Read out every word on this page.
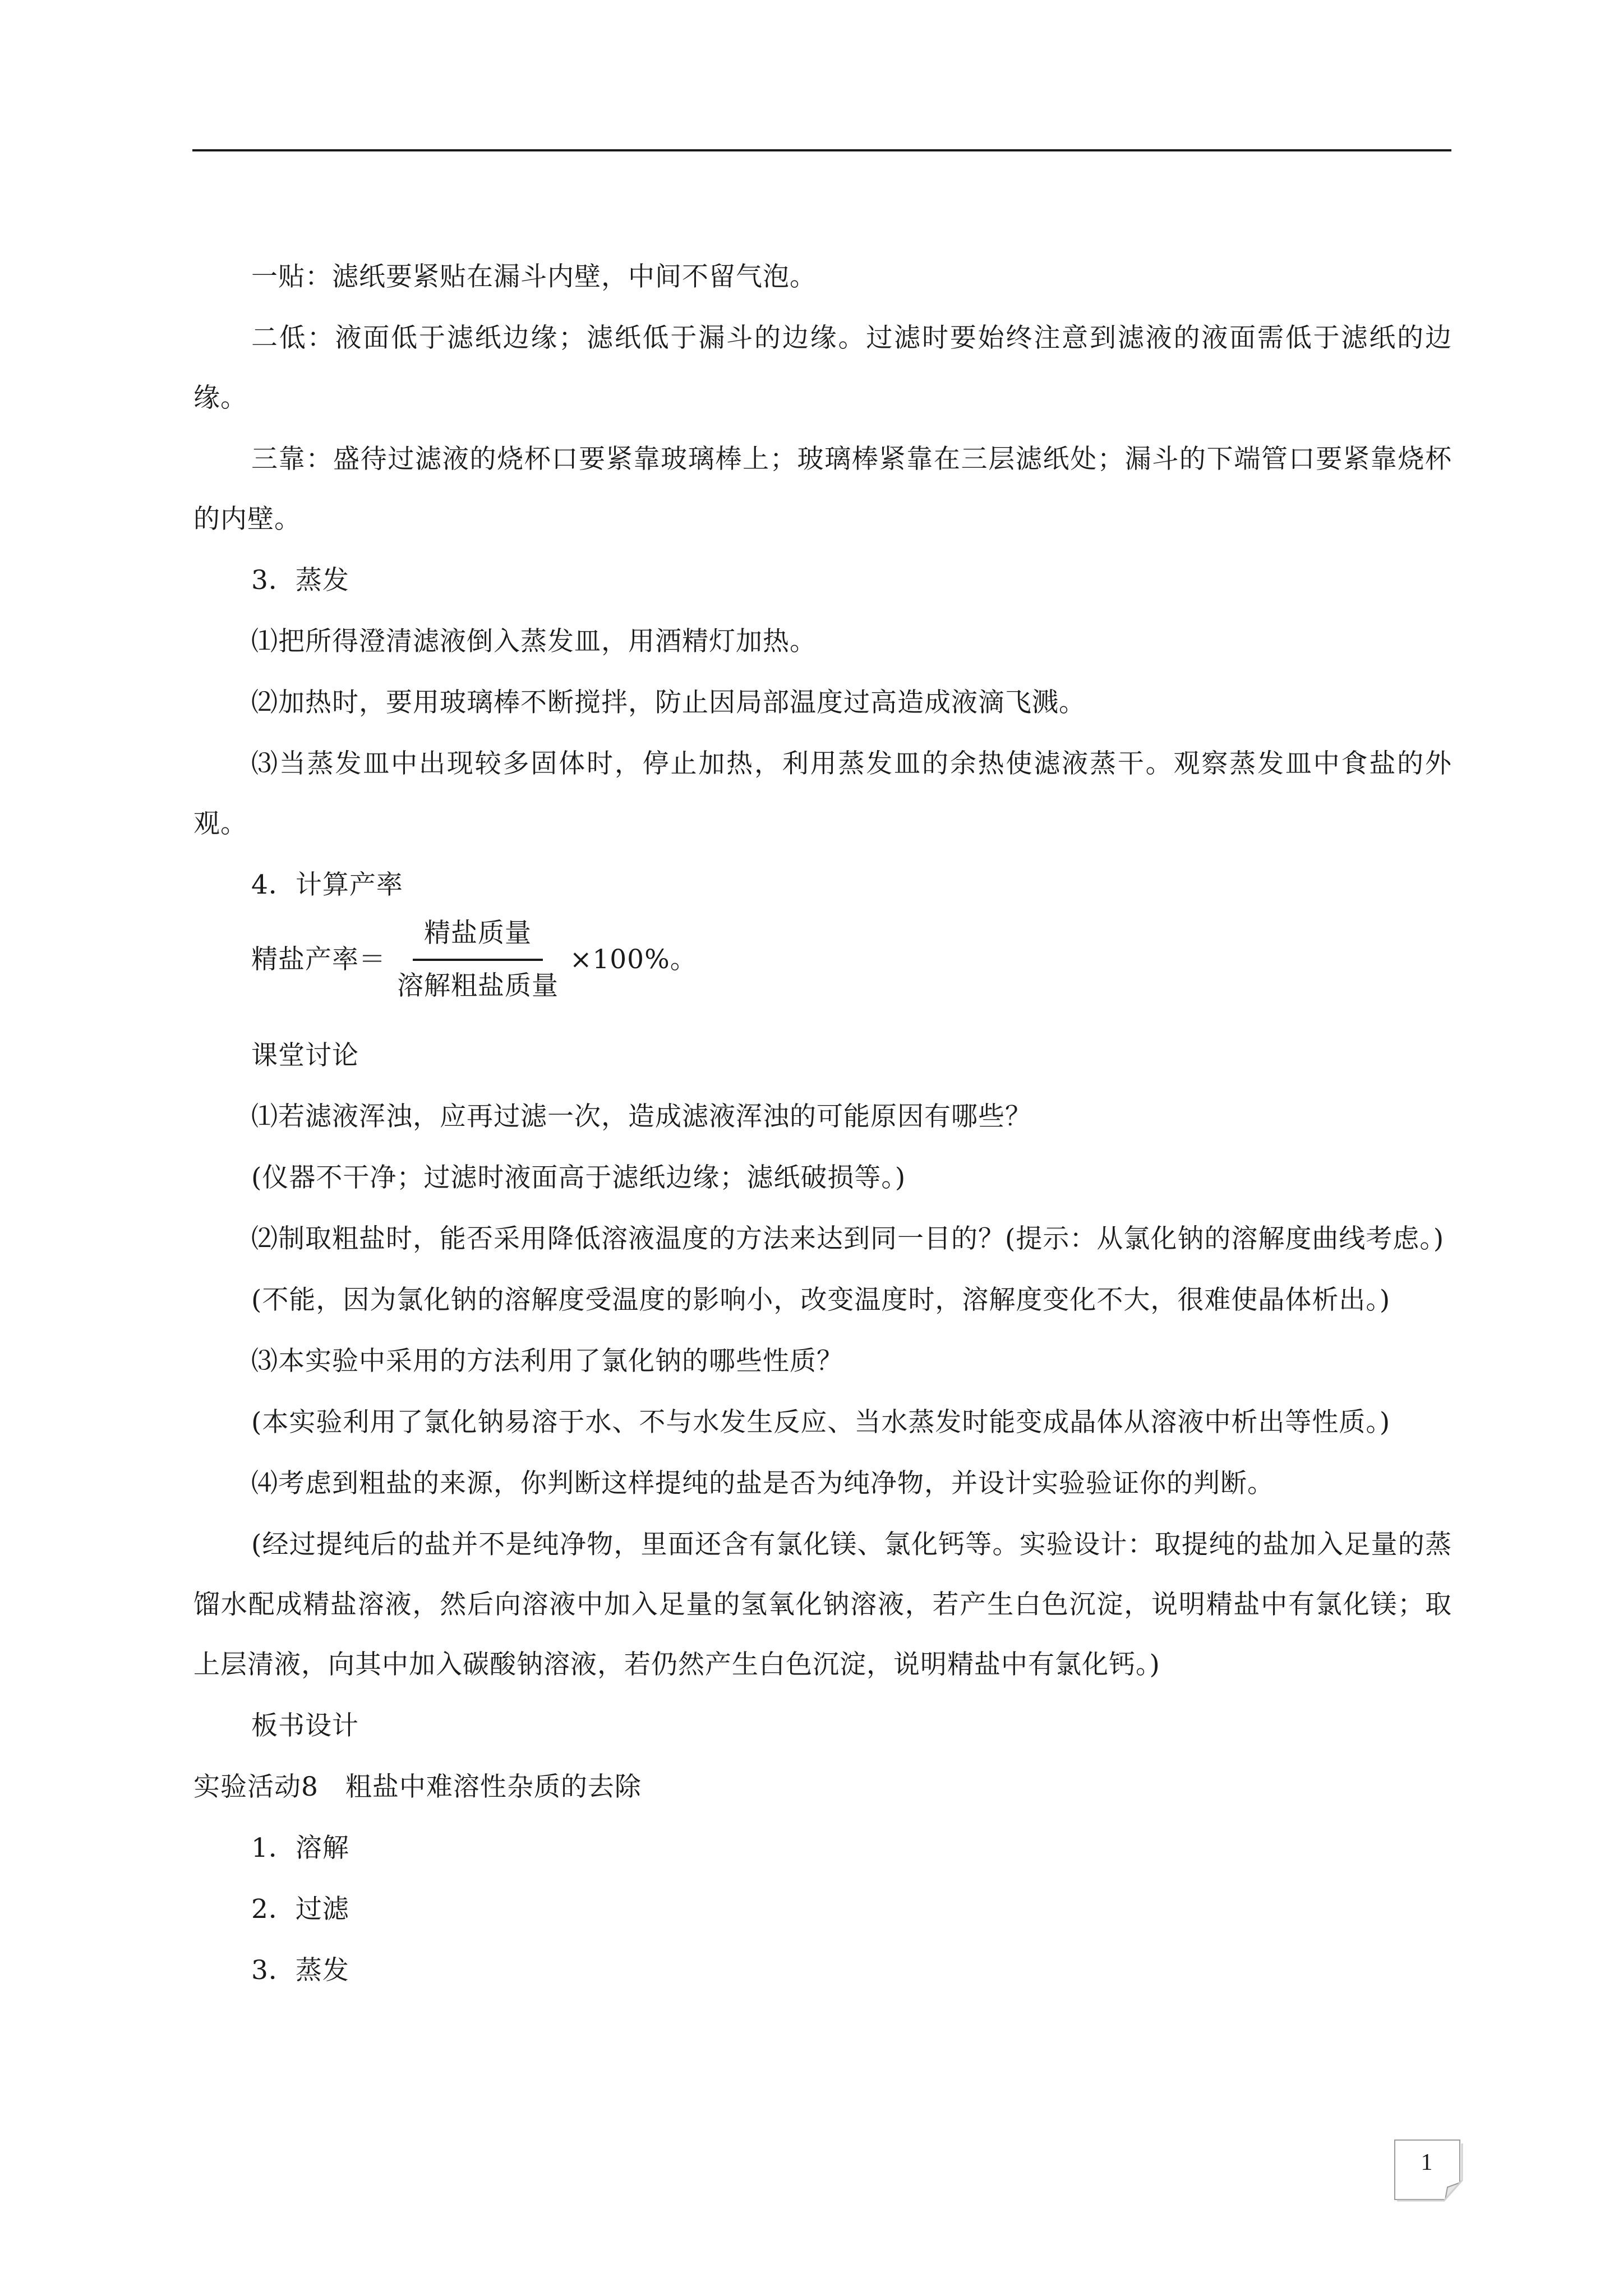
一贴：滤纸要紧贴在漏斗内壁，中间不留气泡。

二低：液面低于滤纸边缘；滤纸低于漏斗的边缘。过滤时要始终注意到滤液的液面需低于滤纸的边缘。

三靠：盛待过滤液的烧杯口要紧靠玻璃棒上；玻璃棒紧靠在三层滤纸处；漏斗的下端管口要紧靠烧杯的内壁。

3．蒸发

⑴把所得澄清滤液倒入蒸发皿，用酒精灯加热。

⑵加热时，要用玻璃棒不断搅拌，防止因局部温度过高造成液滴飞溅。

⑶当蒸发皿中出现较多固体时，停止加热，利用蒸发皿的余热使滤液蒸干。观察蒸发皿中食盐的外观。

4．计算产率

精盐产率＝ $\frac{\text{精盐质量}}{\text{溶解粗盐质量}} \times 100\%$。

课堂讨论

⑴若滤液浑浊，应再过滤一次，造成滤液浑浊的可能原因有哪些？

(仪器不干净；过滤时液面高于滤纸边缘；滤纸破损等。)

⑵制取粗盐时，能否采用降低溶液温度的方法来达到同一目的？(提示：从氯化钠的溶解度曲线考虑。)

(不能，因为氯化钠的溶解度受温度的影响小，改变温度时，溶解度变化不大，很难使晶体析出。)

⑶本实验中采用的方法利用了氯化钠的哪些性质？

(本实验利用了氯化钠易溶于水、不与水发生反应、当水蒸发时能变成晶体从溶液中析出等性质。)

⑷考虑到粗盐的来源，你判断这样提纯的盐是否为纯净物，并设计实验验证你的判断。

(经过提纯后的盐并不是纯净物，里面还含有氯化镁、氯化钙等。实验设计：取提纯的盐加入足量的蒸馏水配成精盐溶液，然后向溶液中加入足量的氢氧化钠溶液，若产生白色沉淀，说明精盐中有氯化镁；取上层清液，向其中加入碳酸钠溶液，若仍然产生白色沉淀，说明精盐中有氯化钙。)

板书设计

实验活动8　粗盐中难溶性杂质的去除

1．溶解

2．过滤

3．蒸发

1
